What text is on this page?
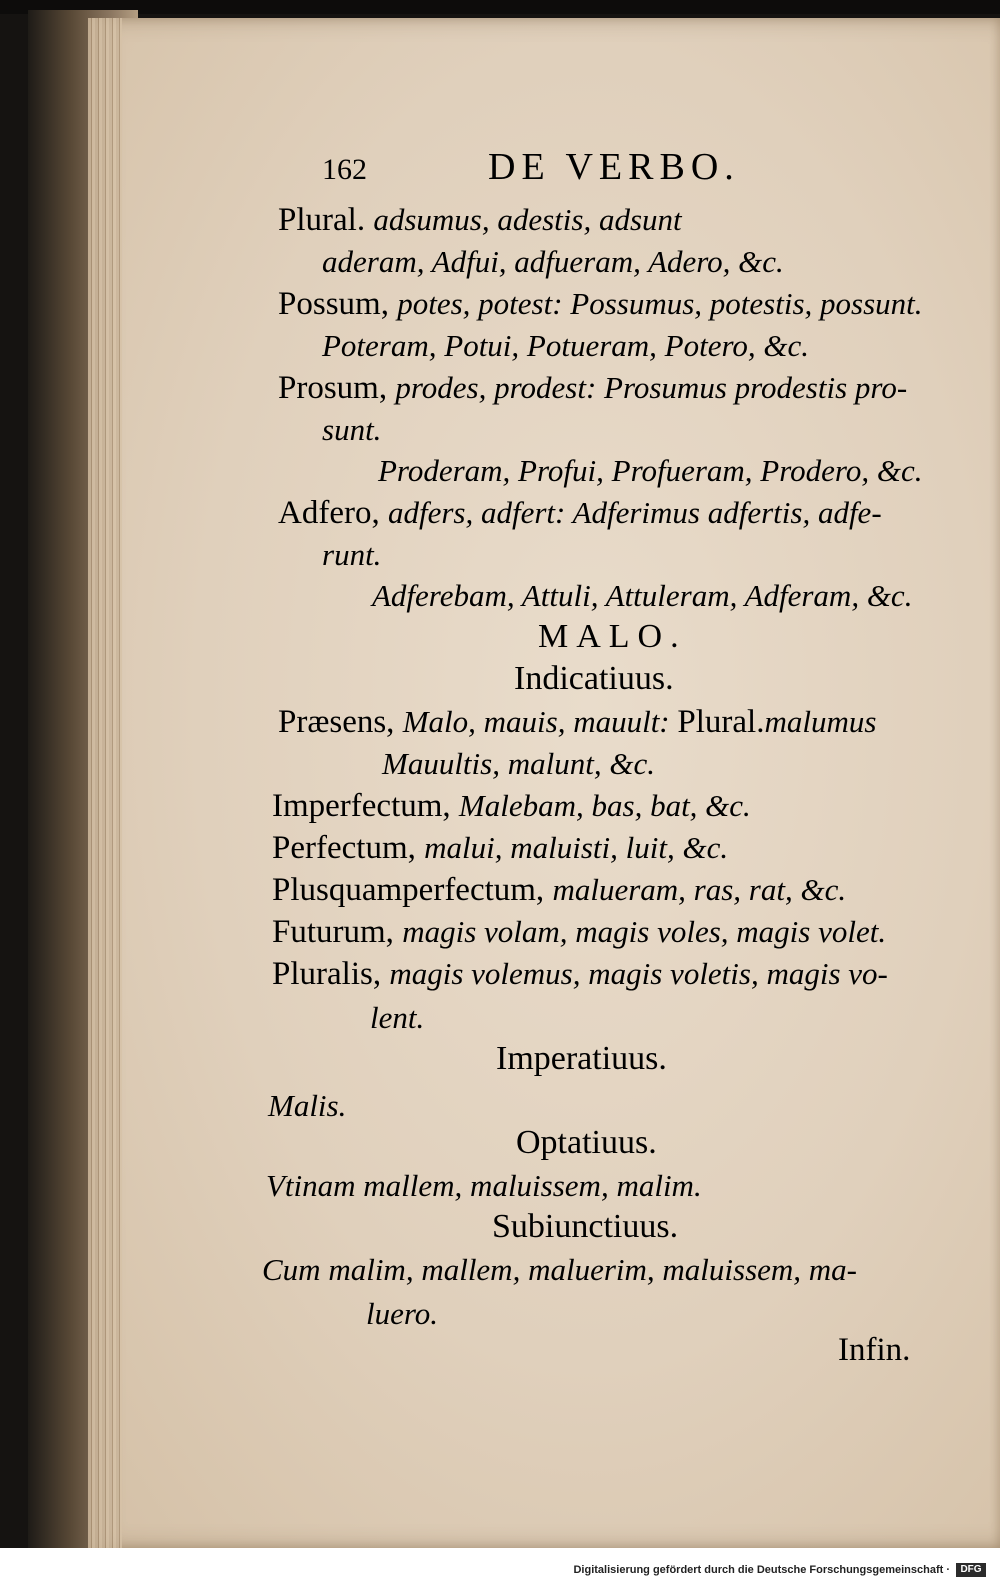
162	DE VERBO.
Plural. adsumus, adestis, adsunt
aderam, Adfui, adfueram, Adero, &c.
Possum, potes, potest: Possumus, potestis, possunt.
Poteram, Potui, Potueram, Potero, &c.
Prosum, prodes, prodest: Prosumus prodestis pro-
sunt.
Proderam, Profui, Profueram, Prodero, &c.
Adfero, adfers, adfert: Adferimus adfertis, adfe-
runt.
Adferebam, Attuli, Attuleram, Adferam, &c.
MALO.
Indicatiuus.
Præsens, Malo, mauis, mauult: Plural.malumus
Mauultis, malunt, &c.
Imperfectum, Malebam, bas, bat, &c.
Perfectum, malui, maluisti, luit, &c.
Plusquamperfectum, malueram, ras, rat, &c.
Futurum, magis volam, magis voles, magis volet.
Pluralis, magis volemus, magis voletis, magis vo-
lent.
Imperatiuus.
Malis.
Optatiuus.
Vtinam mallem, maluissem, malim.
Subiunctiuus.
Cum malim, mallem, maluerim, maluissem, ma-
luero.
Infin.
Digitalisierung gefördert durch die Deutsche Forschungsgemeinschaft ·	DFG
